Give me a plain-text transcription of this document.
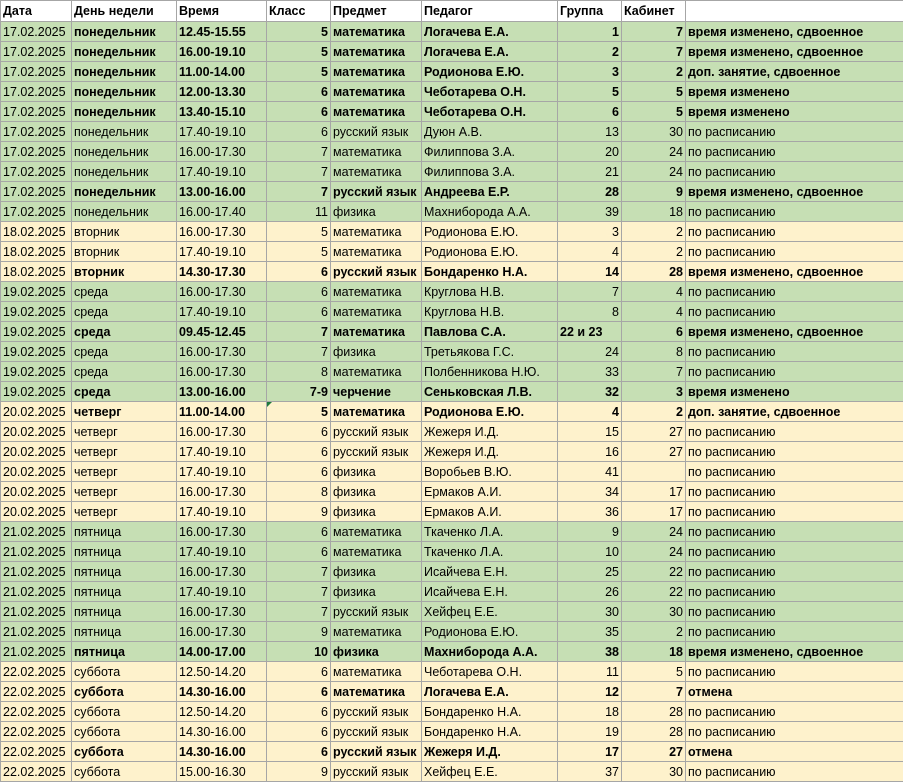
Дата	День недели	Время	Класс	Предмет	Педагог	Группа	Кабинет	
17.02.2025	понедельник	12.45-15.55	5	математика	Логачева Е.А.	1	7	время изменено, сдвоенное
17.02.2025	понедельник	16.00-19.10	5	математика	Логачева Е.А.	2	7	время изменено, сдвоенное
17.02.2025	понедельник	11.00-14.00	5	математика	Родионова Е.Ю.	3	2	доп. занятие, сдвоенное
17.02.2025	понедельник	12.00-13.30	6	математика	Чеботарева О.Н.	5	5	время изменено
17.02.2025	понедельник	13.40-15.10	6	математика	Чеботарева О.Н.	6	5	время изменено
17.02.2025	понедельник	17.40-19.10	6	русский язык	Дуюн А.В.	13	30	по расписанию
17.02.2025	понедельник	16.00-17.30	7	математика	Филиппова З.А.	20	24	по расписанию
17.02.2025	понедельник	17.40-19.10	7	математика	Филиппова З.А.	21	24	по расписанию
17.02.2025	понедельник	13.00-16.00	7	русский язык	Андреева Е.Р.	28	9	время изменено, сдвоенное
17.02.2025	понедельник	16.00-17.40	11	физика	Махнибородa А.А.	39	18	по расписанию
18.02.2025	вторник	16.00-17.30	5	математика	Родионова Е.Ю.	3	2	по расписанию
18.02.2025	вторник	17.40-19.10	5	математика	Родионова Е.Ю.	4	2	по расписанию
18.02.2025	вторник	14.30-17.30	6	русский язык	Бондаренко Н.А.	14	28	время изменено, сдвоенное
19.02.2025	среда	16.00-17.30	6	математика	Круглова Н.В.	7	4	по расписанию
19.02.2025	среда	17.40-19.10	6	математика	Круглова Н.В.	8	4	по расписанию
19.02.2025	среда	09.45-12.45	7	математика	Павлова С.А.	22 и 23	6	время изменено, сдвоенное
19.02.2025	среда	16.00-17.30	7	физика	Третьякова Г.С.	24	8	по расписанию
19.02.2025	среда	16.00-17.30	8	математика	Полбенникова Н.Ю.	33	7	по расписанию
19.02.2025	среда	13.00-16.00	7-9	черчение	Сеньковская Л.В.	32	3	время изменено
20.02.2025	четверг	11.00-14.00	5	математика	Родионова Е.Ю.	4	2	доп. занятие, сдвоенное
20.02.2025	четверг	16.00-17.30	6	русский язык	Жежеря И.Д.	15	27	по расписанию
20.02.2025	четверг	17.40-19.10	6	русский язык	Жежеря И.Д.	16	27	по расписанию
20.02.2025	четверг	17.40-19.10	6	физика	Воробьев В.Ю.	41		по расписанию
20.02.2025	четверг	16.00-17.30	8	физика	Ермаков А.И.	34	17	по расписанию
20.02.2025	четверг	17.40-19.10	9	физика	Ермаков А.И.	36	17	по расписанию
21.02.2025	пятница	16.00-17.30	6	математика	Ткаченко Л.А.	9	24	по расписанию
21.02.2025	пятница	17.40-19.10	6	математика	Ткаченко Л.А.	10	24	по расписанию
21.02.2025	пятница	16.00-17.30	7	физика	Исайчева Е.Н.	25	22	по расписанию
21.02.2025	пятница	17.40-19.10	7	физика	Исайчева Е.Н.	26	22	по расписанию
21.02.2025	пятница	16.00-17.30	7	русский язык	Хейфец Е.Е.	30	30	по расписанию
21.02.2025	пятница	16.00-17.30	9	математика	Родионова Е.Ю.	35	2	по расписанию
21.02.2025	пятница	14.00-17.00	10	физика	Махнибородa А.А.	38	18	время изменено, сдвоенное
22.02.2025	суббота	12.50-14.20	6	математика	Чеботарева О.Н.	11	5	по расписанию
22.02.2025	суббота	14.30-16.00	6	математика	Логачева Е.А.	12	7	отмена
22.02.2025	суббота	12.50-14.20	6	русский язык	Бондаренко Н.А.	18	28	по расписанию
22.02.2025	суббота	14.30-16.00	6	русский язык	Бондаренко Н.А.	19	28	по расписанию
22.02.2025	суббота	14.30-16.00	6	русский язык	Жежеря И.Д.	17	27	отмена
22.02.2025	суббота	15.00-16.30	9	русский язык	Хейфец Е.Е.	37	30	по расписанию
